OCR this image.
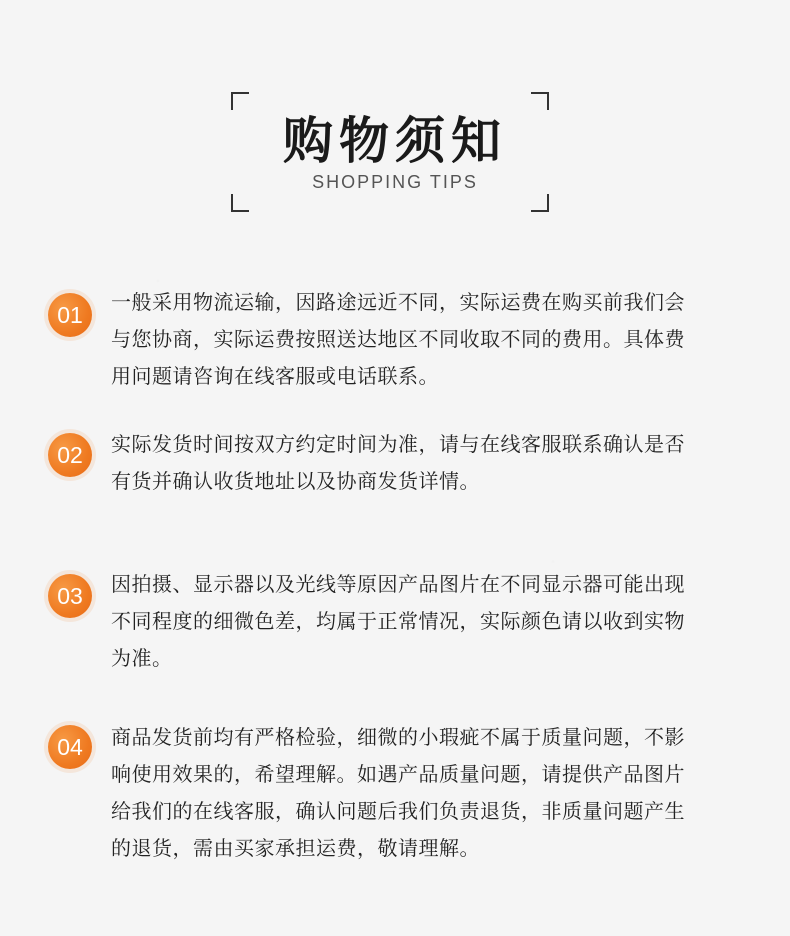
购物须知
SHOPPING TIPS
01	一般采用物流运输，因路途远近不同，实际运费在购买前我们会
与您协商，实际运费按照送达地区不同收取不同的费用。具体费
用问题请咨询在线客服或电话联系。
02	实际发货时间按双方约定时间为准，请与在线客服联系确认是否
有货并确认收货地址以及协商发货详情。
03	因拍摄、显示器以及光线等原因产品图片在不同显示器可能出现
不同程度的细微色差，均属于正常情况，实际颜色请以收到实物
为准。
04	商品发货前均有严格检验，细微的小瑕疵不属于质量问题，不影
响使用效果的，希望理解。如遇产品质量问题，请提供产品图片
给我们的在线客服，确认问题后我们负责退货，非质量问题产生
的退货，需由买家承担运费，敬请理解。
